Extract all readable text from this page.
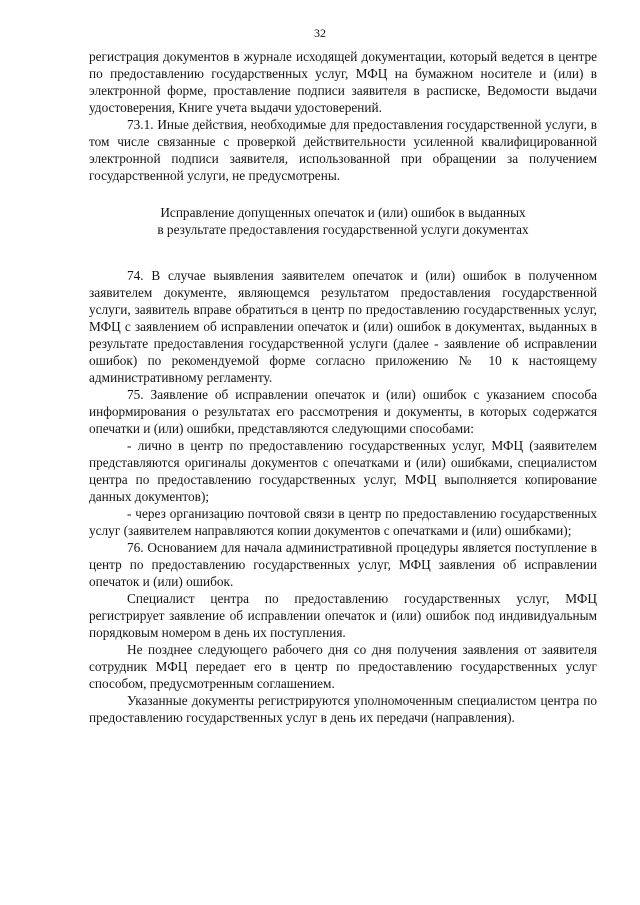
32

регистрация документов в журнале исходящей документации, который ведется в центре по предоставлению государственных услуг, МФЦ на бумажном носителе и (или) в электронной форме, проставление подписи заявителя в расписке, Ведомости выдачи удостоверения, Книге учета выдачи удостоверений.

73.1. Иные действия, необходимые для предоставления государственной услуги, в том числе связанные с проверкой действительности усиленной квалифицированной электронной подписи заявителя, использованной при обращении за получением государственной услуги, не предусмотрены.

Исправление допущенных опечаток и (или) ошибок в выданных
в результате предоставления государственной услуги документах

74. В случае выявления заявителем опечаток и (или) ошибок в полученном заявителем документе, являющемся результатом предоставления государственной услуги, заявитель вправе обратиться в центр по предоставлению государственных услуг, МФЦ с заявлением об исправлении опечаток и (или) ошибок в документах, выданных в результате предоставления государственной услуги (далее - заявление об исправлении ошибок) по рекомендуемой форме согласно приложению № 10 к настоящему административному регламенту.

75. Заявление об исправлении опечаток и (или) ошибок с указанием способа информирования о результатах его рассмотрения и документы, в которых содержатся опечатки и (или) ошибки, представляются следующими способами:

- лично в центр по предоставлению государственных услуг, МФЦ (заявителем представляются оригиналы документов с опечатками и (или) ошибками, специалистом центра по предоставлению государственных услуг, МФЦ выполняется копирование данных документов);

- через организацию почтовой связи в центр по предоставлению государственных услуг (заявителем направляются копии документов с опечатками и (или) ошибками);

76. Основанием для начала административной процедуры является поступление в центр по предоставлению государственных услуг, МФЦ заявления об исправлении опечаток и (или) ошибок.

Специалист центра по предоставлению государственных услуг, МФЦ регистрирует заявление об исправлении опечаток и (или) ошибок под индивидуальным порядковым номером в день их поступления.

Не позднее следующего рабочего дня со дня получения заявления от заявителя сотрудник МФЦ передает его в центр по предоставлению государственных услуг способом, предусмотренным соглашением.

Указанные документы регистрируются уполномоченным специалистом центра по предоставлению государственных услуг в день их передачи (направления).
